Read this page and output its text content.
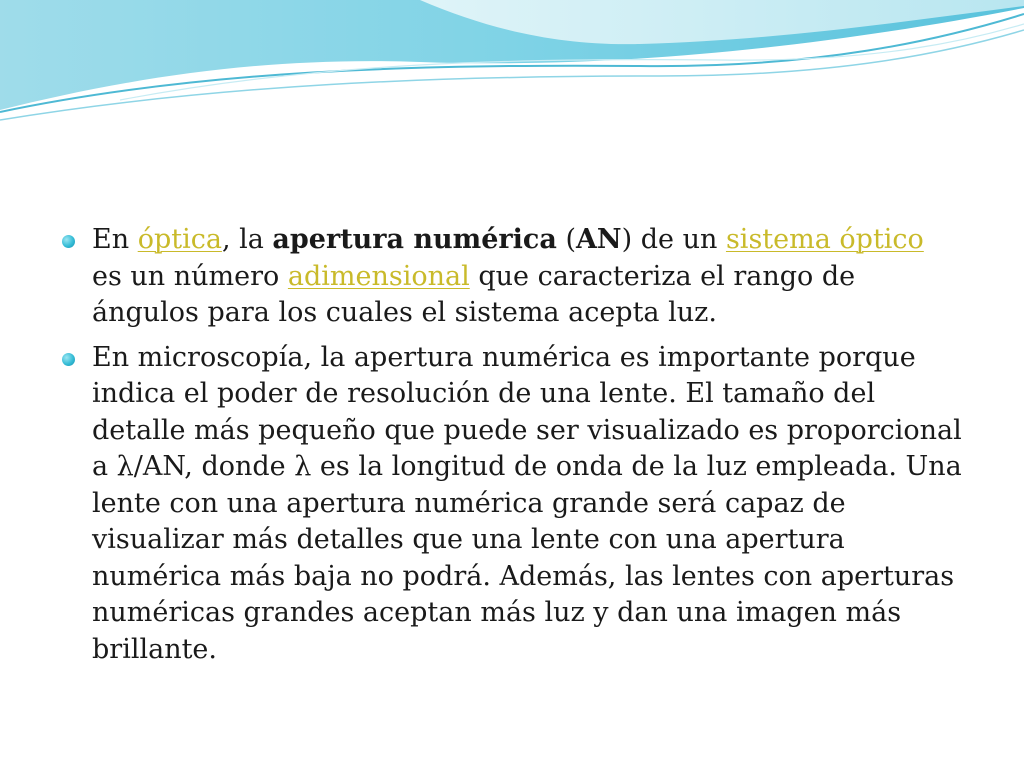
En óptica, la apertura numérica (AN) de un sistema óptico es un número adimensional que caracteriza el rango de ángulos para los cuales el sistema acepta luz.
En microscopía, la apertura numérica es importante porque indica el poder de resolución de una lente. El tamaño del detalle más pequeño que puede ser visualizado es proporcional a λ/AN, donde λ es la longitud de onda de la luz empleada. Una lente con una apertura numérica grande será capaz de visualizar más detalles que una lente con una apertura numérica más baja no podrá. Además, las lentes con aperturas numéricas grandes aceptan más luz y dan una imagen más brillante.
